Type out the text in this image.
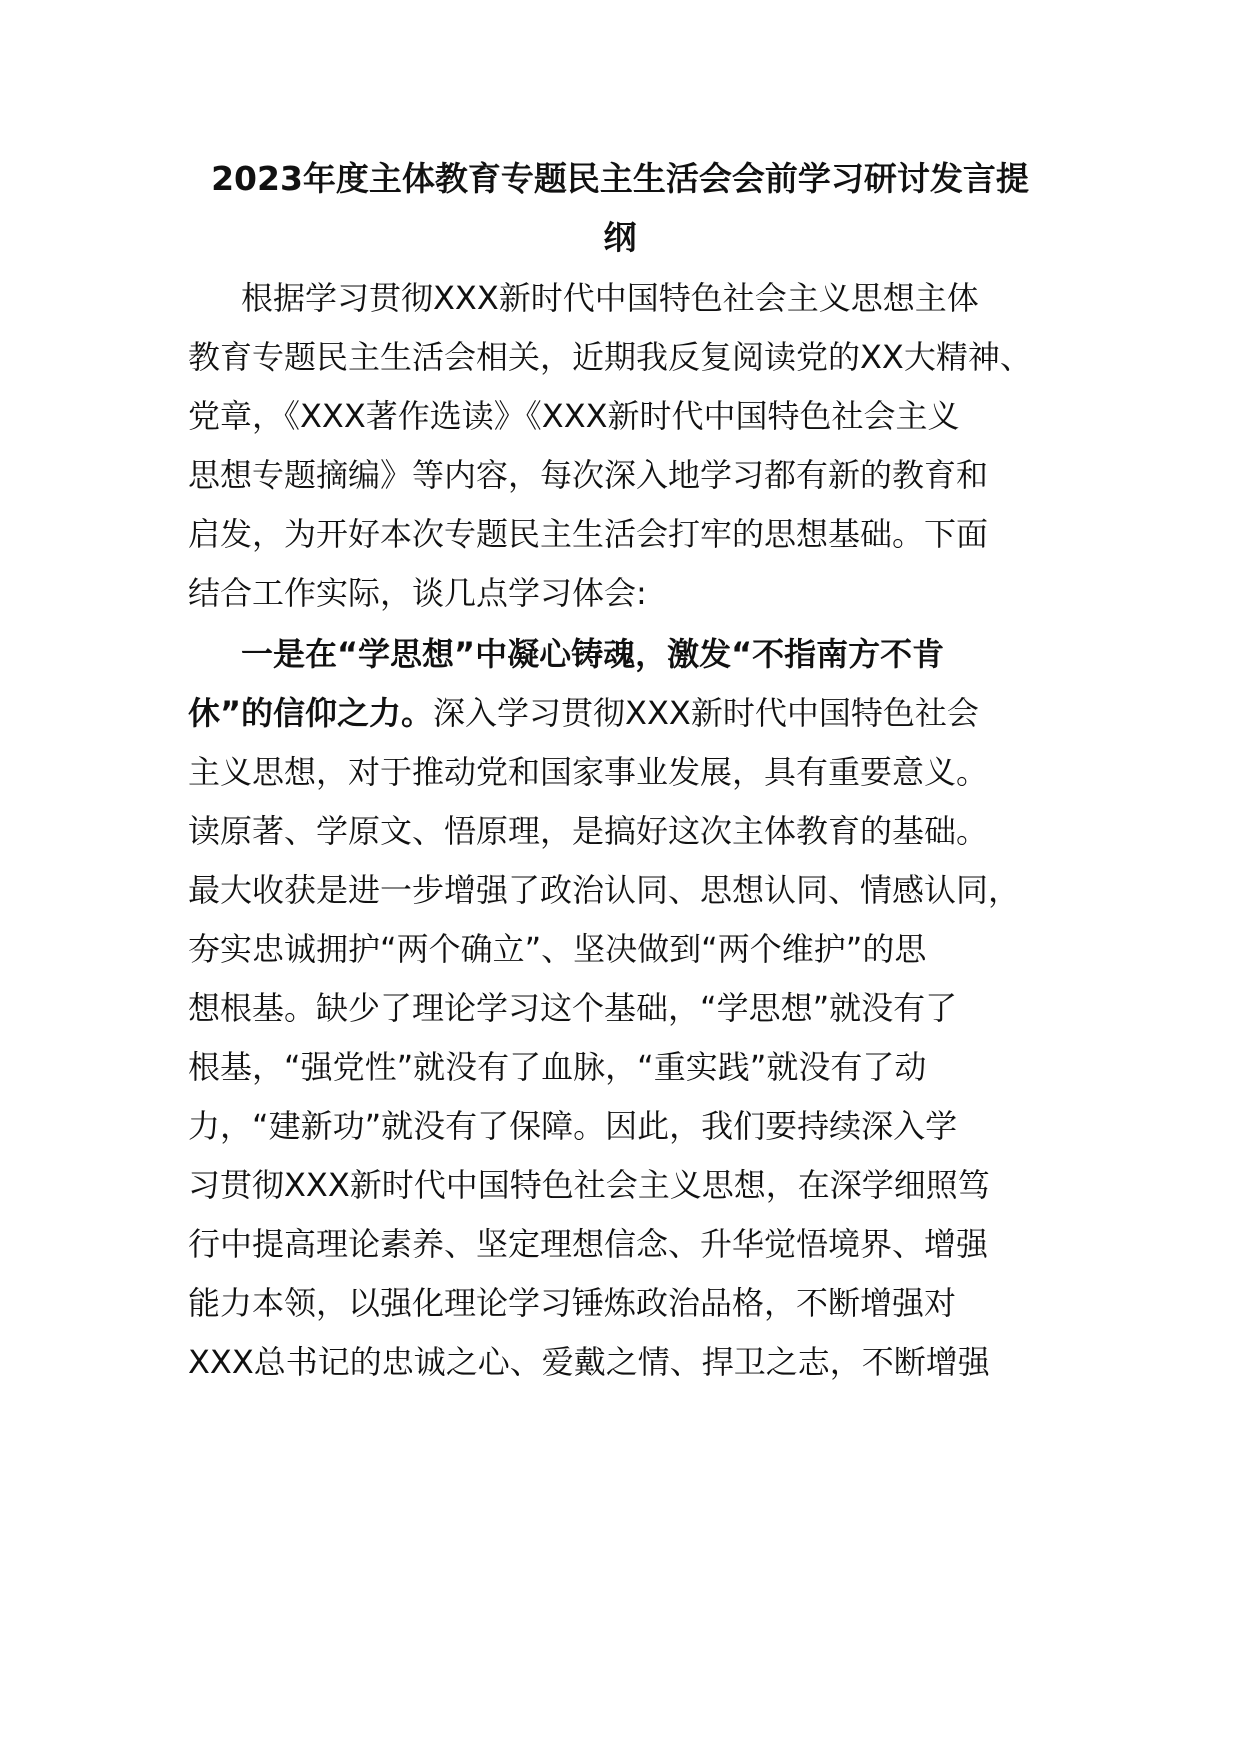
2023年度主体教育专题民主生活会会前学习研讨发言提
纲
根据学习贯彻XXX新时代中国特色社会主义思想主体
教育专题民主生活会相关，近期我反复阅读党的XX大精神、
党章，《XXX著作选读》《XXX新时代中国特色社会主义
思想专题摘编》等内容，每次深入地学习都有新的教育和
启发，为开好本次专题民主生活会打牢的思想基础。下面
结合工作实际，谈几点学习体会:
一是在“学思想”中凝心铸魂，激发“不指南方不肯
休”的信仰之力。深入学习贯彻XXX新时代中国特色社会
主义思想，对于推动党和国家事业发展，具有重要意义。
读原著、学原文、悟原理，是搞好这次主体教育的基础。
最大收获是进一步增强了政治认同、思想认同、情感认同，
夯实忠诚拥护“两个确立”、坚决做到“两个维护”的思
想根基。缺少了理论学习这个基础，“学思想”就没有了
根基，“强党性”就没有了血脉，“重实践”就没有了动
力，“建新功”就没有了保障。因此，我们要持续深入学
习贯彻XXX新时代中国特色社会主义思想，在深学细照笃
行中提高理论素养、坚定理想信念、升华觉悟境界、增强
能力本领，以强化理论学习锤炼政治品格，不断增强对
XXX总书记的忠诚之心、爱戴之情、捍卫之志，不断增强
